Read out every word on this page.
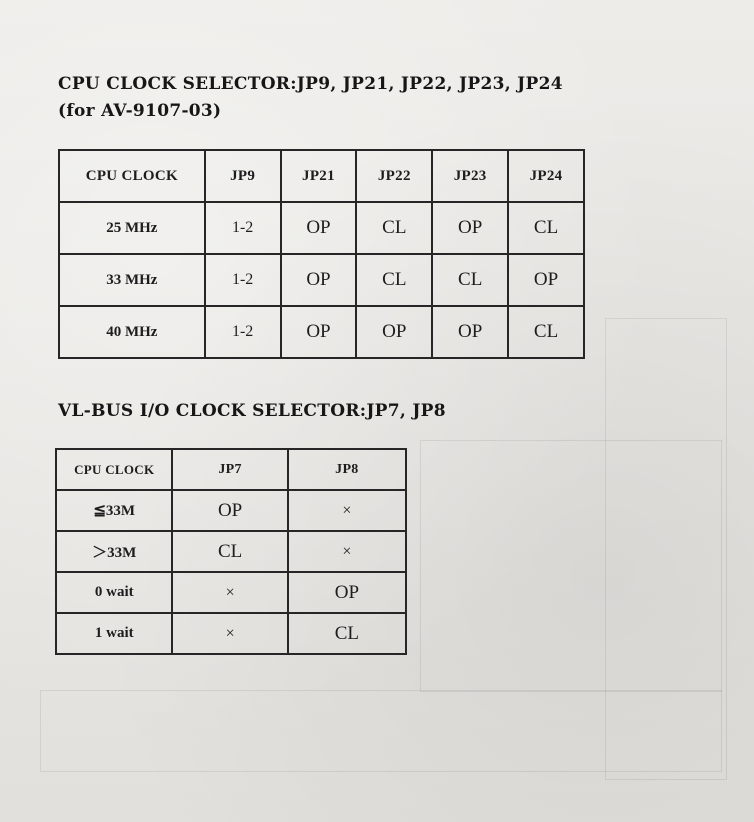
CPU CLOCK SELECTOR:JP9, JP21, JP22, JP23, JP24
(for AV-9107-03)
CPU CLOCK	JP9	JP21	JP22	JP23	JP24
25 MHz	1-2	OP	CL	OP	CL
33 MHz	1-2	OP	CL	CL	OP
40 MHz	1-2	OP	OP	OP	CL
VL-BUS I/O CLOCK SELECTOR:JP7, JP8
CPU CLOCK	JP7	JP8
≦33M	OP	×
＞33M	CL	×
0 wait	×	OP
1 wait	×	CL
